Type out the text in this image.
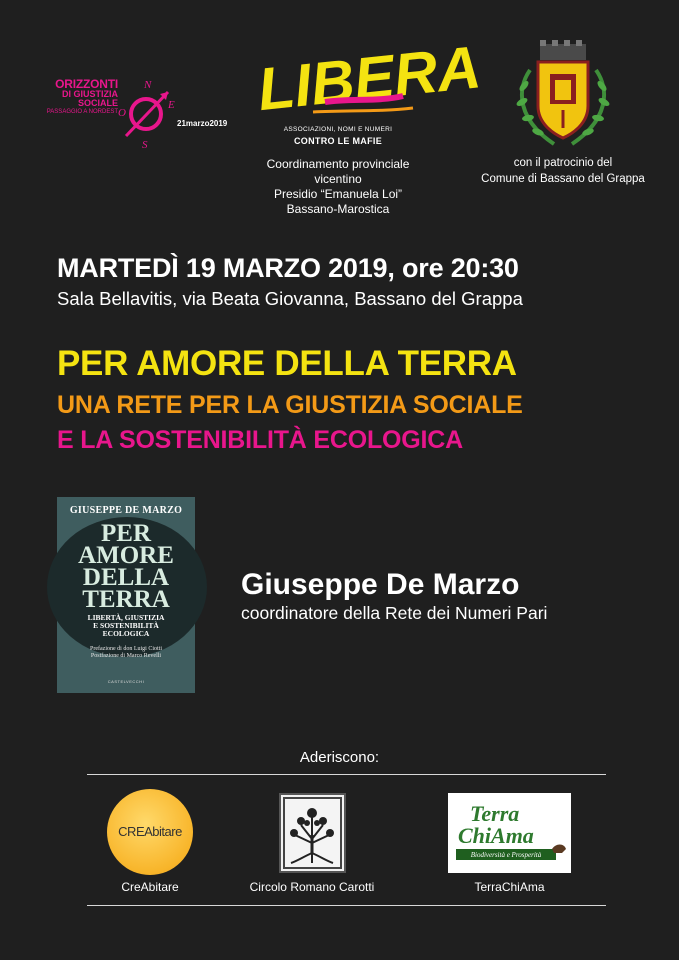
ORIZZONTI
DI GIUSTIZIA
SOCIALE
PASSAGGIO A NORDEST
N
E
S
O
21marzo2019
LIBERA
ASSOCIAZIONI, NOMI E NUMERI
CONTRO LE MAFIE
Coordinamento provinciale
vicentino
Presidio “Emanuela Loi”
Bassano-Marostica
con il patrocinio del
Comune di Bassano del Grappa
MARTEDÌ 19 MARZO 2019, ore 20:30
Sala Bellavitis, via Beata Giovanna, Bassano del Grappa
PER AMORE DELLA TERRA
UNA RETE PER LA GIUSTIZIA SOCIALE
E LA SOSTENIBILITÀ ECOLOGICA
GIUSEPPE DE MARZO
PER
AMORE
DELLA
TERRA
LIBERTÀ, GIUSTIZIA
E SOSTENIBILITÀ
ECOLOGICA
Prefazione di don Luigi Ciotti
Postfazione di Marco Revelli
CASTELVECCHI
Giuseppe De Marzo
coordinatore della Rete dei Numeri Pari
Aderiscono:
CREAbitare
Terra
ChiAma
Biodiversità e Prosperità
CreAbitare	Circolo Romano Carotti	TerraChiAma
